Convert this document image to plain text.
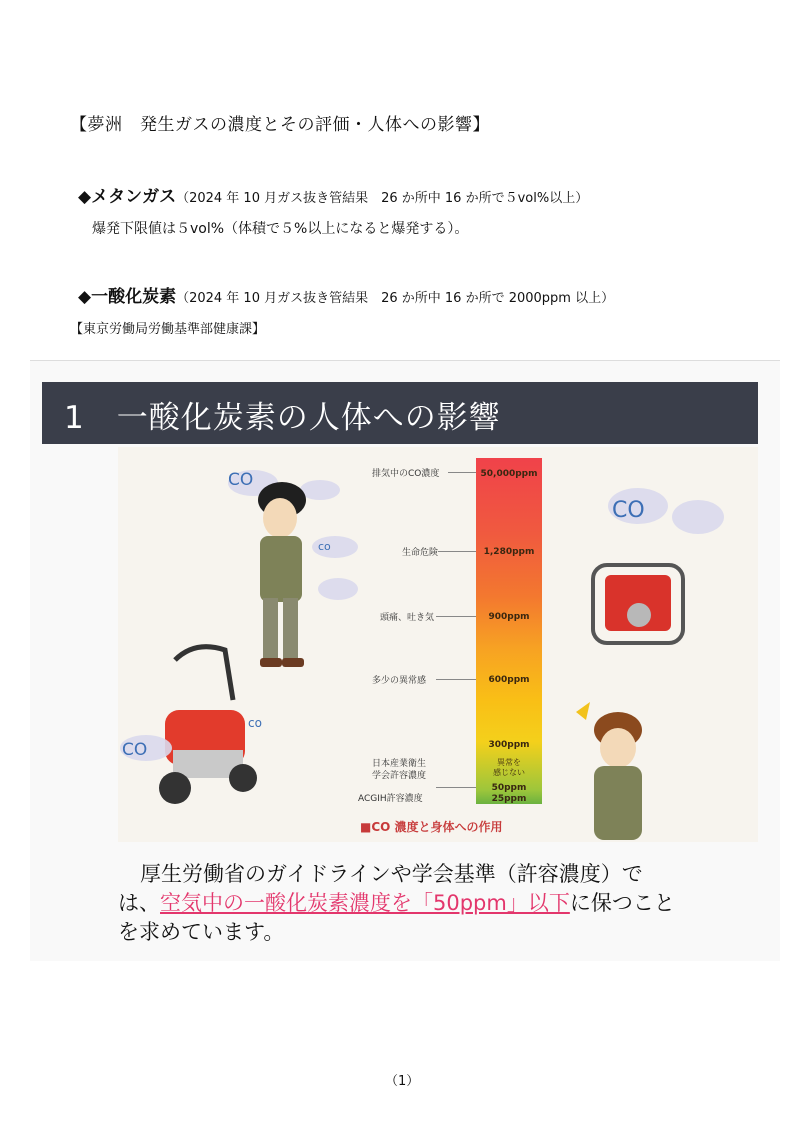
【夢洲　発生ガスの濃度とその評価・人体への影響】
◆メタンガス（2024 年 10 月ガス抜き管結果　26 か所中 16 か所で５vol%以上）
爆発下限値は５vol%（体積で５%以上になると爆発する）。
◆一酸化炭素（2024 年 10 月ガス抜き管結果　26 か所中 16 か所で 2000ppm 以上）
【東京労働局労働基準部健康課】
1　一酸化炭素の人体への影響
CO
co
CO
co
CO
排気中のCO濃度	50,000ppm
生命危険	1,280ppm
頭痛、吐き気	900ppm
多少の異常感	600ppm
300ppm
異常を
感じない
日本産業衛生
学会許容濃度
50ppm
ACGIH許容濃度	25ppm
■CO 濃度と身体への作用
厚生労働省のガイドラインや学会基準（許容濃度）で
は、空気中の一酸化炭素濃度を「50ppm」以下に保つこと
を求めています。
（1）
